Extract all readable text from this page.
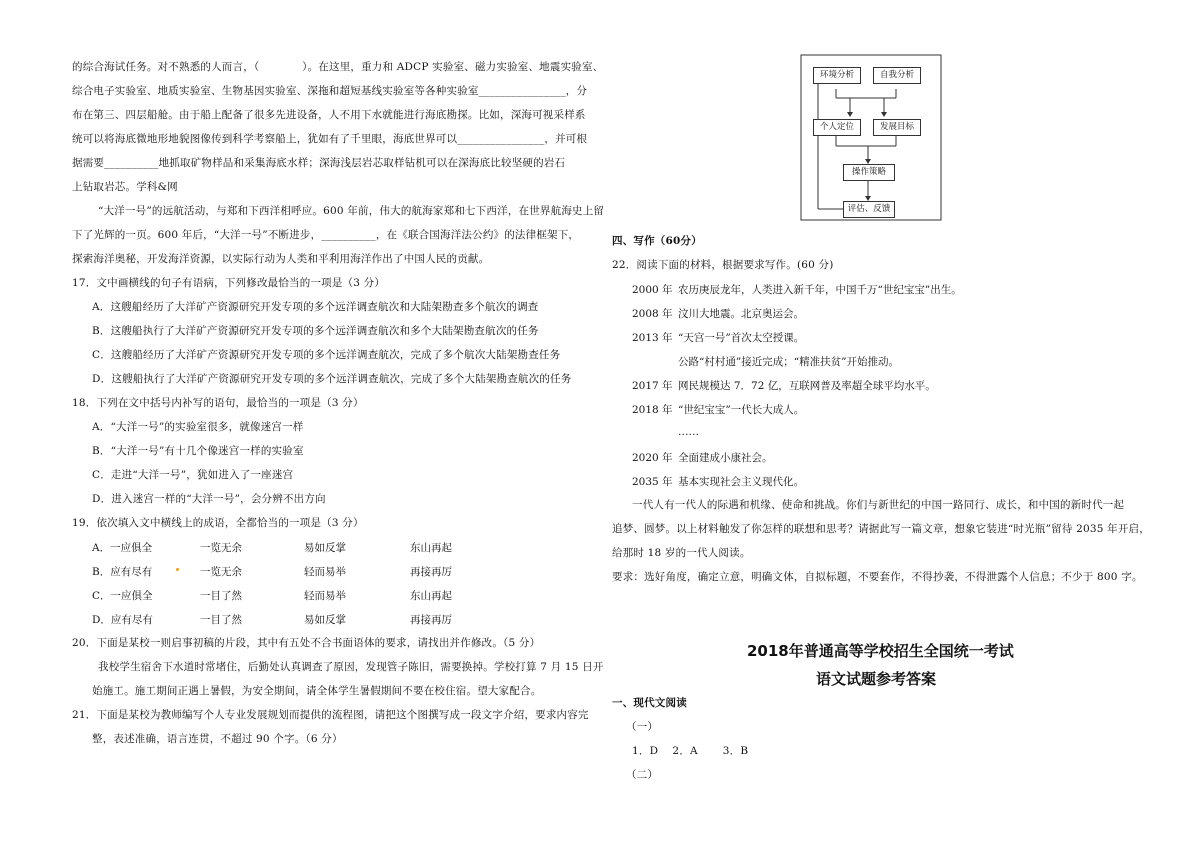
的综合海试任务。对不熟悉的人而言，（　　　　）。在这里，重力和 ADCP 实验室、磁力实验室、地震实验室、
综合电子实验室、地质实验室、生物基因实验室、深拖和超短基线实验室等各种实验室________________，分
布在第三、四层船舱。由于船上配备了很多先进设备，人不用下水就能进行海底勘探。比如，深海可视采样系
统可以将海底微地形地貌图像传到科学考察船上，犹如有了千里眼，海底世界可以________________，并可根
据需要__________地抓取矿物样品和采集海底水样；深海浅层岩芯取样钻机可以在深海底比较坚硬的岩石
上钻取岩芯。学科&网
“大洋一号”的远航活动，与郑和下西洋相呼应。600 年前，伟大的航海家郑和七下西洋，在世界航海史上留
下了光辉的一页。600 年后，“大洋一号”不断进步，__________，在《联合国海洋法公约》的法律框架下，
探索海洋奥秘，开发海洋资源，以实际行动为人类和平利用海洋作出了中国人民的贡献。
17．文中画横线的句子有语病，下列修改最恰当的一项是（3 分）
A．这艘船经历了大洋矿产资源研究开发专项的多个远洋调查航次和大陆架勘查多个航次的调查
B．这艘船执行了大洋矿产资源研究开发专项的多个远洋调查航次和多个大陆架勘查航次的任务
C．这艘船经历了大洋矿产资源研究开发专项的多个远洋调查航次，完成了多个航次大陆架勘查任务
D．这艘船执行了大洋矿产资源研究开发专项的多个远洋调查航次，完成了多个大陆架勘查航次的任务
18．下列在文中括号内补写的语句，最恰当的一项是（3 分）
A．“大洋一号”的实验室很多，就像迷宫一样
B．“大洋一号”有十几个像迷宫一样的实验室
C．走进“大洋一号”，犹如进入了一座迷宫
D．进入迷宫一样的“大洋一号”，会分辨不出方向
19．依次填入文中横线上的成语，全都恰当的一项是（3 分）
A．一应俱全	一览无余	易如反掌	东山再起
B．应有尽有	一览无余	轻而易举	再接再厉
C．一应俱全	一目了然	轻而易举	东山再起
D．应有尽有	一目了然	易如反掌	再接再厉
20．下面是某校一则启事初稿的片段，其中有五处不合书面语体的要求，请找出并作修改。（5 分）
我校学生宿舍下水道时常堵住，后勤处认真调查了原因，发现管子陈旧，需要换掉。学校打算 7 月 15 日开
始施工。施工期间正遇上暑假，为安全期间，请全体学生暑假期间不要在校住宿。望大家配合。
21．下面是某校为教师编写个人专业发展规划而提供的流程图，请把这个图撰写成一段文字介绍，要求内容完
整，表述准确，语言连贯，不超过 90 个字。（6 分）
环境分析	自我分析
个人定位	发展目标
操作策略
评估、反馈
四、写作（60分）
22．阅读下面的材料，根据要求写作。(60 分)
2000 年 农历庚辰龙年，人类进入新千年，中国千万“世纪宝宝”出生。
2008 年 汶川大地震。北京奥运会。
2013 年 “天宫一号”首次太空授课。
公路“村村通”接近完成；“精准扶贫”开始推动。
2017 年 网民规模达 7．72 亿，互联网普及率超全球平均水平。
2018 年 “世纪宝宝”一代长大成人。
……
2020 年 全面建成小康社会。
2035 年 基本实现社会主义现代化。
一代人有一代人的际遇和机缘、使命和挑战。你们与新世纪的中国一路同行、成长，和中国的新时代一起
追梦、圆梦。以上材料触发了你怎样的联想和思考？请据此写一篇文章，想象它装进“时光瓶”留待 2035 年开启，
给那时 18 岁的一代人阅读。
要求：选好角度，确定立意，明确文体，自拟标题，不要套作，不得抄袭，不得泄露个人信息；不少于 800 字。
2018年普通高等学校招生全国统一考试
语文试题参考答案
一、现代文阅读
（一）
1．D　 2．A　　 3．B
（二）
